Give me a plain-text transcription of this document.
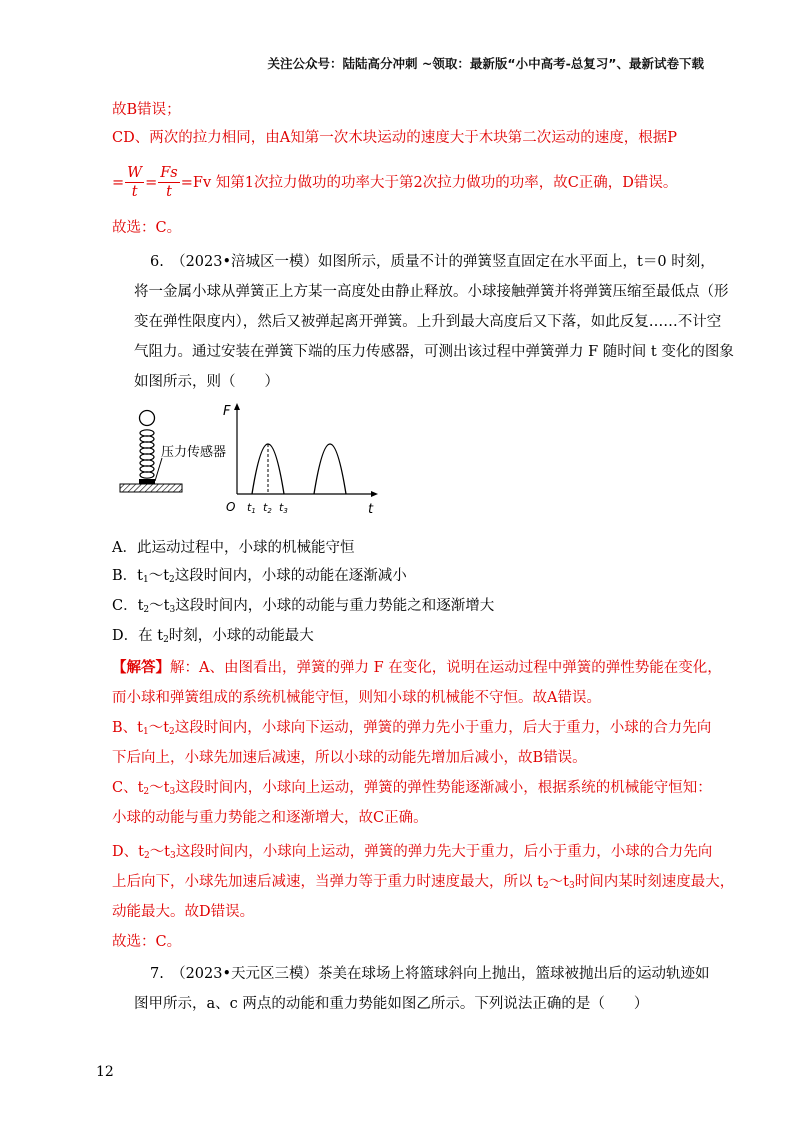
关注公众号：陆陆高分冲刺 ~领取：最新版“小中高考-总复习”、最新试卷下载
故B错误；
CD、两次的拉力相同，由A知第一次木块运动的速度大于木块第二次运动的速度，根据P
= $\frac{W}{t} = \frac{Fs}{t} =Fv$ 知第1次拉力做功的功率大于第2次拉力做功的功率，故C正确，D错误。
故选：C。
6.　（2023•涪城区一模）如图所示，质量不计的弹簧竖直固定在水平面上，t＝0 时刻，
将一金属小球从弹簧正上方某一高度处由静止释放。小球接触弹簧并将弹簧压缩至最低点（形
变在弹性限度内），然后又被弹起离开弹簧。上升到最大高度后又下落，如此反复……不计空
气阻力。通过安装在弹簧下端的压力传感器，可测出该过程中弹簧弹力 F 随时间 t 变化的图象
如图所示，则（　　）
压力传感器
F
t
O t1 t2 t3
A．此运动过程中，小球的机械能守恒
B．$t_1\sim t_2$这段时间内，小球的动能在逐渐减小
C．$t_2\sim t_3$这段时间内，小球的动能与重力势能之和逐渐增大
D．在 $t_2$时刻，小球的动能最大
【解答】解：A、由图看出，弹簧的弹力 F 在变化，说明在运动过程中弹簧的弹性势能在变化，
而小球和弹簧组成的系统机械能守恒，则知小球的机械能不守恒。故A错误。
B、$t_1\sim t_2$这段时间内，小球向下运动，弹簧的弹力先小于重力，后大于重力，小球的合力先向
下后向上，小球先加速后减速，所以小球的动能先增加后减小，故B错误。
C、$t_2\sim t_3$这段时间内，小球向上运动，弹簧的弹性势能逐渐减小，根据系统的机械能守恒知：
小球的动能与重力势能之和逐渐增大，故C正确。
D、$t_2\sim t_3$这段时间内，小球向上运动，弹簧的弹力先大于重力，后小于重力，小球的合力先向
上后向下，小球先加速后减速，当弹力等于重力时速度最大，所以 $t_2\sim t_3$时间内某时刻速度最大，
动能最大。故D错误。
故选：C。
7.　（2023•天元区三模）茶美在球场上将篮球斜向上抛出，篮球被抛出后的运动轨迹如
图甲所示，a、c 两点的动能和重力势能如图乙所示。下列说法正确的是（　　）
12
